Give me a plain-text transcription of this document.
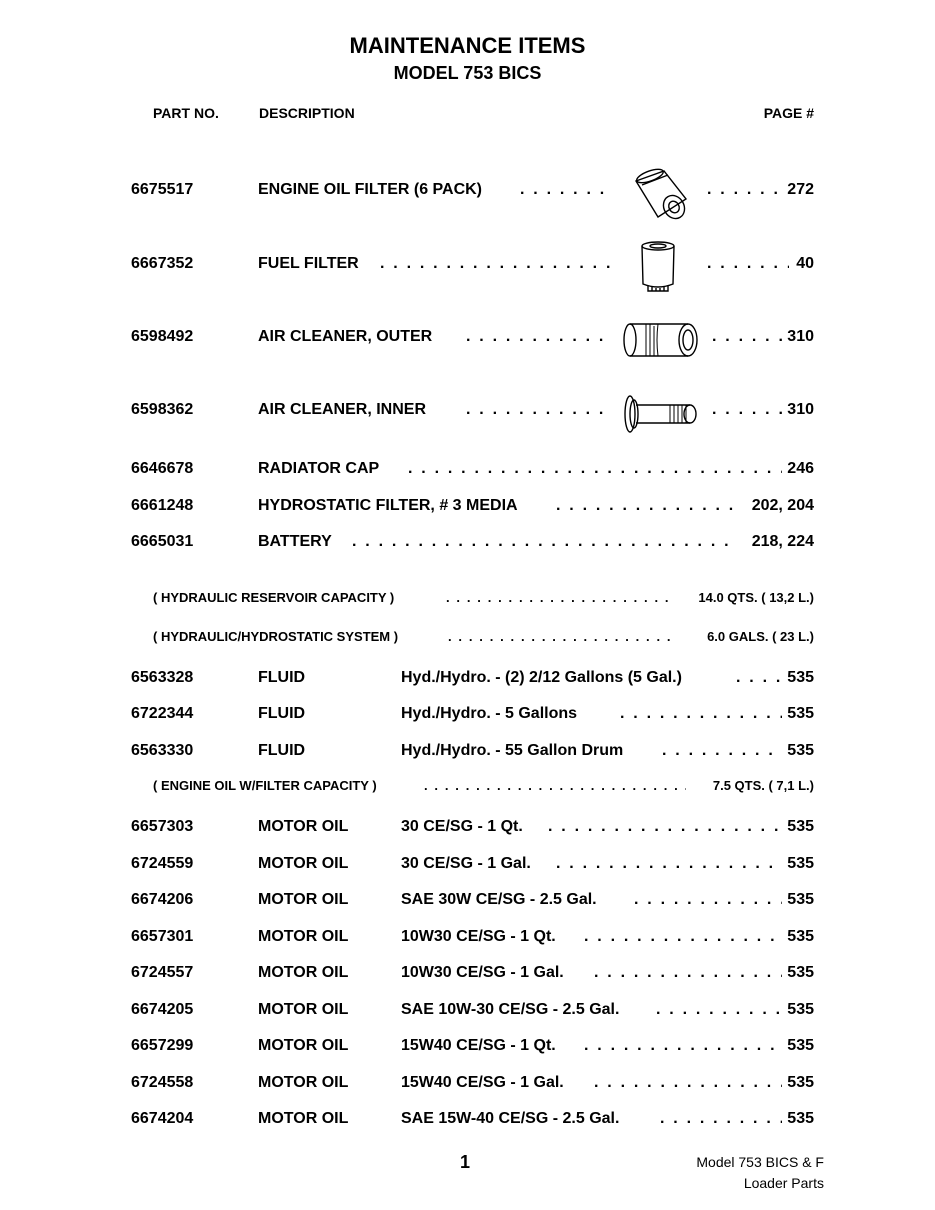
MAINTENANCE ITEMS
MODEL 753 BICS
PART NO.	DESCRIPTION	PAGE #
6675517	ENGINE OIL FILTER (6 PACK) . . . . . .	272
6667352	FUEL FILTER . . . . . .	40
6598492	AIR CLEANER, OUTER . . . . . .	310
6598362	AIR CLEANER, INNER . . . . . .	310
6646678	RADIATOR CAP . . .	246
6661248	HYDROSTATIC FILTER, # 3 MEDIA . . .	202, 204
6665031	BATTERY . . .	218, 224
( HYDRAULIC RESERVOIR CAPACITY ) . . .	14.0 QTS. ( 13,2 L.)
( HYDRAULIC/HYDROSTATIC SYSTEM ) . . .	6.0 GALS. ( 23 L.)
6563328	FLUID	Hyd./Hydro. - (2) 2/12 Gallons (5 Gal.) . . .	535
6722344	FLUID	Hyd./Hydro. - 5 Gallons . . .	535
6563330	FLUID	Hyd./Hydro. - 55 Gallon Drum . . .	535
( ENGINE OIL W/FILTER CAPACITY ) . . .	7.5 QTS. ( 7,1 L.)
6657303	MOTOR OIL	30 CE/SG - 1 Qt. . . .	535
6724559	MOTOR OIL	30 CE/SG - 1 Gal. . . .	535
6674206	MOTOR OIL	SAE 30W CE/SG - 2.5 Gal. . . .	535
6657301	MOTOR OIL	10W30 CE/SG - 1 Qt. . . .	535
6724557	MOTOR OIL	10W30 CE/SG - 1 Gal. . . .	535
6674205	MOTOR OIL	SAE 10W-30 CE/SG - 2.5 Gal. . . .	535
6657299	MOTOR OIL	15W40 CE/SG - 1 Qt. . . .	535
6724558	MOTOR OIL	15W40 CE/SG - 1 Gal. . . .	535
6674204	MOTOR OIL	SAE 15W-40 CE/SG - 2.5 Gal. . . .	535
1	Model 753 BICS & F
Loader Parts
